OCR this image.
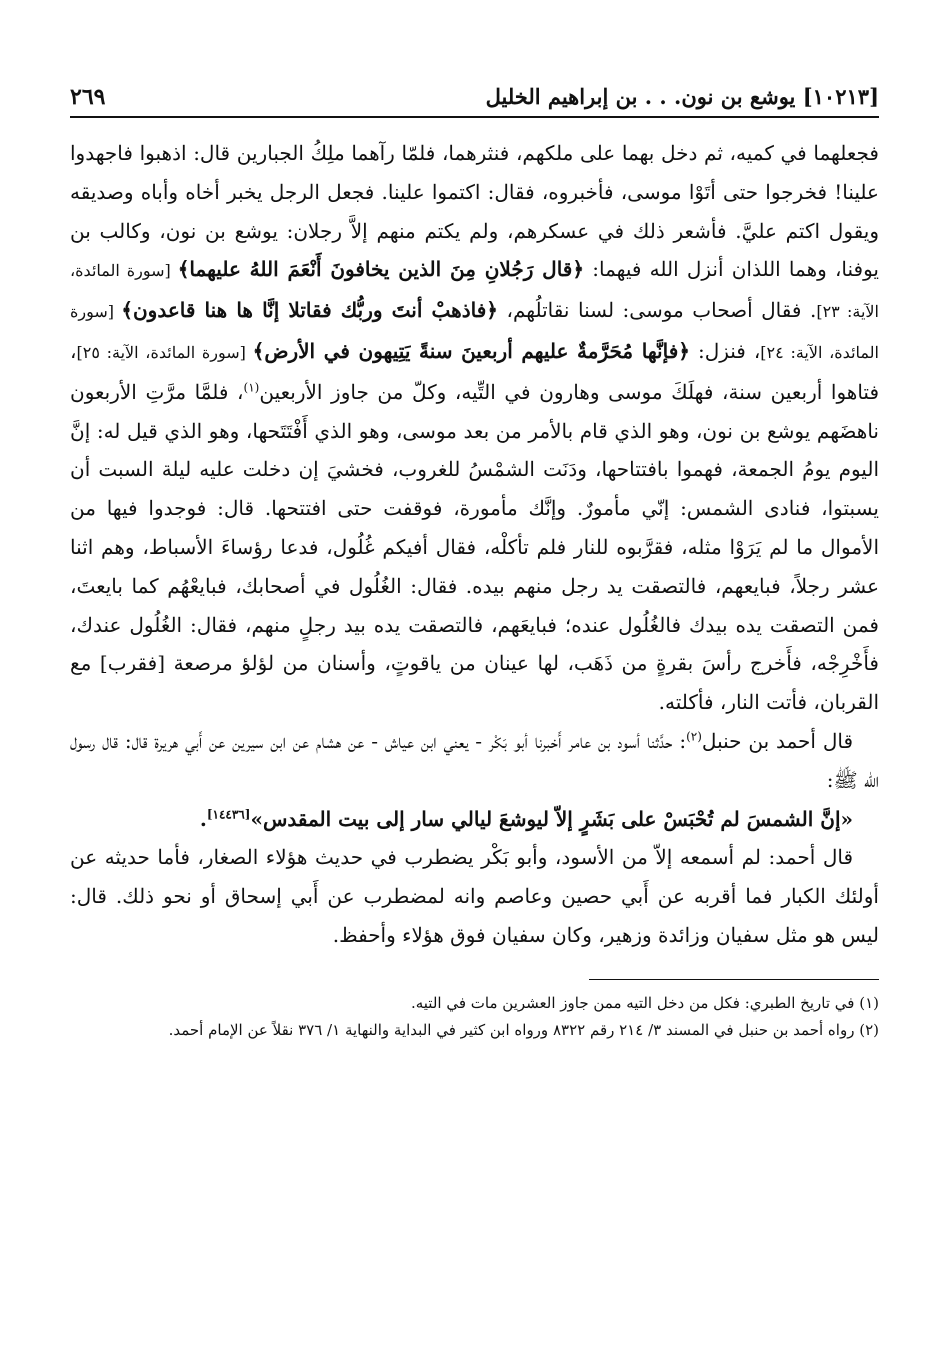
[١٠٢١٣] يوشع بن نون. . . بن إبراهيم الخليل
٢٦٩

فجعلهما في كميه، ثم دخل بهما على ملكهم، فنثرهما، فلمّا رآهما ملِكُ الجبارين قال: اذهبوا فاجهدوا علينا! فخرجوا حتى أتَوْا موسى، فأخبروه، فقال: اكتموا علينا. فجعل الرجل يخبر أخاه وأباه وصديقه ويقول اكتم عليَّ. فأشعر ذلك في عسكرهم، ولم يكتم منهم إلاَّ رجلان: يوشع بن نون، وكالب بن يوفنا، وهما اللذان أنزل الله فيهما: ﴿قال رَجُلانِ مِنَ الذين يخافونَ أَنْعَمَ اللهُ عليهما﴾ [سورة المائدة، الآية: ٢٣]. فقال أصحاب موسى: لسنا نقاتلُهم، ﴿فاذهبْ أنتَ وربُّك فقاتلا إنَّا ها هنا قاعدون﴾ [سورة المائدة، الآية: ٢٤]، فنزل: ﴿فإنَّها مُحَرَّمةٌ عليهم أربعينَ سنةً يَتِيهون في الأرض﴾ [سورة المائدة، الآية: ٢٥]، فتاهوا أربعين سنة، فهلَكَ موسى وهارون في التِّيه، وكلّ من جاوز الأربعين$^{(١)}$، فلمَّا مرَّتِ الأربعون ناهضَهم يوشع بن نون، وهو الذي قام بالأمر من بعد موسى، وهو الذي أَفْتَتَحها، وهو الذي قيل له: إنَّ اليوم يومُ الجمعة، فهموا بافتتاحها، ودَنَت الشمْسُ للغروب، فخشيَ إن دخلت عليه ليلة السبت أن يسبتوا، فنادى الشمس: إنّي مأمورٌ. وإنَّك مأمورة، فوقفت حتى افتتحها. قال: فوجدوا فيها من الأموال ما لم يَرَوْا مثله، فقرَّبوه للنار فلم تأكلْه، فقال أفيكم غُلُول، فدعا رؤساءَ الأسباط، وهم اثنا عشر رجلاً، فبايعهم، فالتصقت يد رجل منهم بيده. فقال: الغُلُول في أصحابك، فبايعْهُم كما بايعتَ، فمن التصقت يده بيدك فالغُلُول عنده؛ فبايعَهم، فالتصقت يده بيد رجلٍ منهم، فقال: الغُلُول عندك، فأَخْرِجْه، فأَخرج رأسَ بقرةٍ من ذَهَب، لها عينان من ياقوتٍ، وأسنان من لؤلؤ مرصعة [فقرب] مع القربان، فأتت النار، فأكلته.

قال أحمد بن حنبل$^{(٢)}$: حدَّثنا أسود بن عامر أَخبرنا أبو بَكْر - يعني ابن عياش - عن هشام عن ابن سيرين عن أَبي هريرة قال: قال رسول الله ﷺ:

«إنَّ الشمسَ لم تُحْبَسْ على بَشَرٍ إلاّ ليوشعَ ليالي سار إلى بيت المقدس»[١٤٤٣٦].

قال أحمد: لم أسمعه إلاّ من الأسود، وأبو بَكْر يضطرب في حديث هؤلاء الصغار، فأما حديثه عن أولئك الكبار فما أقربه عن أَبي حصين وعاصم وانه لمضطرب عن أَبي إسحاق أو نحو ذلك. قال: ليس هو مثل سفيان وزائدة وزهير، وكان سفيان فوق هؤلاء وأحفظ.

(١) في تاريخ الطبري: فكل من دخل التيه ممن جاوز العشرين مات في التيه.

(٢) رواه أحمد بن حنبل في المسند ٣/ ٢١٤ رقم ٨٣٢٢ ورواه ابن كثير في البداية والنهاية ١/ ٣٧٦ نقلاً عن الإمام أحمد.
